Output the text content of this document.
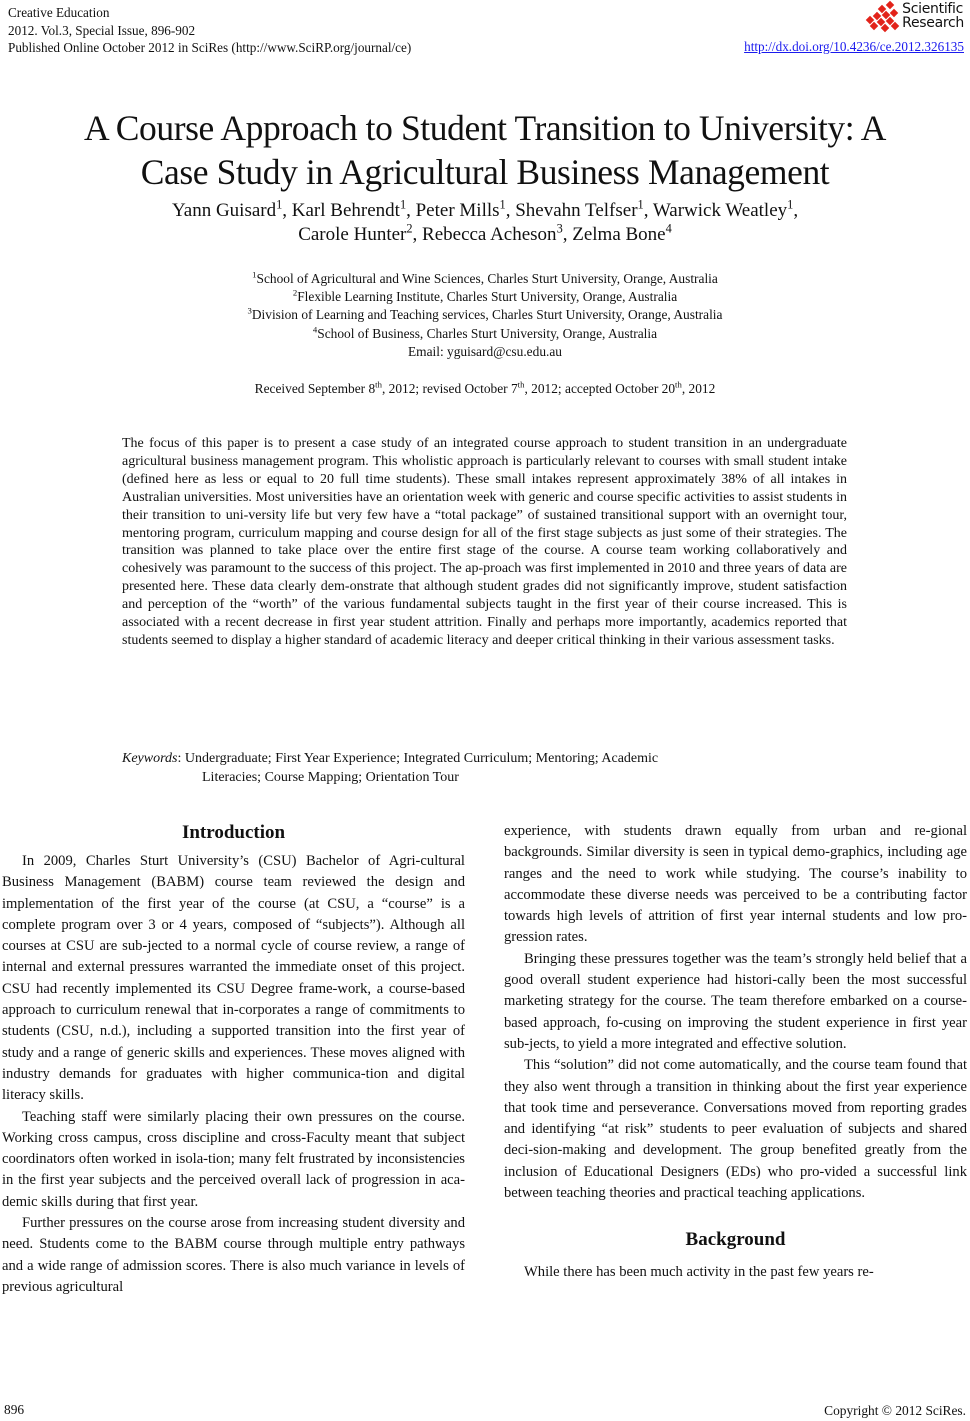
Creative Education
2012. Vol.3, Special Issue, 896-902
Published Online October 2012 in SciRes (http://www.SciRP.org/journal/ce)
Scientific
Research
http://dx.doi.org/10.4236/ce.2012.326135
A Course Approach to Student Transition to University: A
Case Study in Agricultural Business Management
Yann Guisard$^1$, Karl Behrendt$^1$, Peter Mills$^1$, Shevahn Telfser$^1$, Warwick Weatley$^1$,
Carole Hunter$^2$, Rebecca Acheson$^3$, Zelma Bone$^4$
$^1$School of Agricultural and Wine Sciences, Charles Sturt University, Orange, Australia
$^2$Flexible Learning Institute, Charles Sturt University, Orange, Australia
$^3$Division of Learning and Teaching services, Charles Sturt University, Orange, Australia
$^4$School of Business, Charles Sturt University, Orange, Australia
Email: yguisard@csu.edu.au
Received September 8th, 2012; revised October 7th, 2012; accepted October 20th, 2012
The focus of this paper is to present a case study of an integrated course approach to student transition in an undergraduate agricultural business management program. This wholistic approach is particularly relevant to courses with small student intake (defined here as less or equal to 20 full time students). These small intakes represent approximately 38% of all intakes in Australian universities. Most universities have an orientation week with generic and course specific activities to assist students in their transition to uni-versity life but very few have a “total package” of sustained transitional support with an overnight tour, mentoring program, curriculum mapping and course design for all of the first stage subjects as just some of their strategies. The transition was planned to take place over the entire first stage of the course. A course team working collaboratively and cohesively was paramount to the success of this project. The ap-proach was first implemented in 2010 and three years of data are presented here. These data clearly dem-onstrate that although student grades did not significantly improve, student satisfaction and perception of the “worth” of the various fundamental subjects taught in the first year of their course increased. This is associated with a recent decrease in first year student attrition. Finally and perhaps more importantly, academics reported that students seemed to display a higher standard of academic literacy and deeper critical thinking in their various assessment tasks.
Keywords: Undergraduate; First Year Experience; Integrated Curriculum; Mentoring; Academic
Literacies; Course Mapping; Orientation Tour
Introduction

In 2009, Charles Sturt University’s (CSU) Bachelor of Agri-cultural Business Management (BABM) course team reviewed the design and implementation of the first year of the course (at CSU, a “course” is a complete program over 3 or 4 years, composed of “subjects”). Although all courses at CSU are sub-jected to a normal cycle of course review, a range of internal and external pressures warranted the immediate onset of this project. CSU had recently implemented its CSU Degree frame-work, a course-based approach to curriculum renewal that in-corporates a range of commitments to students (CSU, n.d.), including a supported transition into the first year of study and a range of generic skills and experiences. These moves aligned with industry demands for graduates with higher communica-tion and digital literacy skills.

Teaching staff were similarly placing their own pressures on the course. Working cross campus, cross discipline and cross-Faculty meant that subject coordinators often worked in isola-tion; many felt frustrated by inconsistencies in the first year subjects and the perceived overall lack of progression in aca-demic skills during that first year.

Further pressures on the course arose from increasing student diversity and need. Students come to the BABM course through multiple entry pathways and a wide range of admission scores. There is also much variance in levels of previous agricultural

experience, with students drawn equally from urban and re-gional backgrounds. Similar diversity is seen in typical demo-graphics, including age ranges and the need to work while studying. The course’s inability to accommodate these diverse needs was perceived to be a contributing factor towards high levels of attrition of first year internal students and low pro-gression rates.

Bringing these pressures together was the team’s strongly held belief that a good overall student experience had histori-cally been the most successful marketing strategy for the course. The team therefore embarked on a course-based approach, fo-cusing on improving the student experience in first year sub-jects, to yield a more integrated and effective solution.

This “solution” did not come automatically, and the course team found that they also went through a transition in thinking about the first year experience that took time and perseverance. Conversations moved from reporting grades and identifying “at risk” students to peer evaluation of subjects and shared deci-sion-making and development. The group benefited greatly from the inclusion of Educational Designers (EDs) who pro-vided a successful link between teaching theories and practical teaching applications.

Background

While there has been much activity in the past few years re-

896	Copyright © 2012 SciRes.
